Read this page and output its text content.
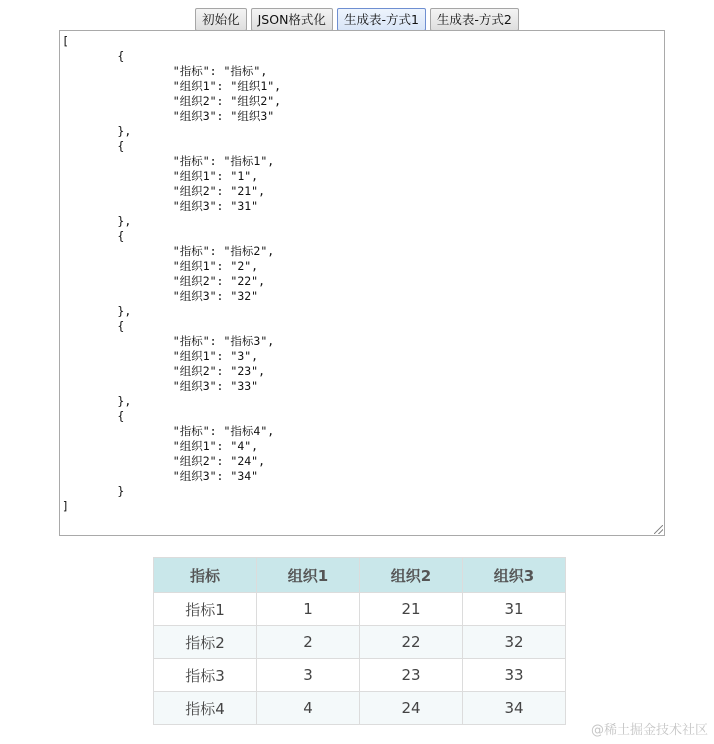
初始化	JSON格式化	生成表-方式1	生成表-方式2
[
	{
		"指标": "指标",
		"组织1": "组织1",
		"组织2": "组织2",
		"组织3": "组织3"
	},
	{
		"指标": "指标1",
		"组织1": "1",
		"组织2": "21",
		"组织3": "31"
	},
	{
		"指标": "指标2",
		"组织1": "2",
		"组织2": "22",
		"组织3": "32"
	},
	{
		"指标": "指标3",
		"组织1": "3",
		"组织2": "23",
		"组织3": "33"
	},
	{
		"指标": "指标4",
		"组织1": "4",
		"组织2": "24",
		"组织3": "34"
	}
]
指标	组织1	组织2	组织3
指标1	1	21	31
指标2	2	22	32
指标3	3	23	33
指标4	4	24	34
@稀土掘金技术社区
